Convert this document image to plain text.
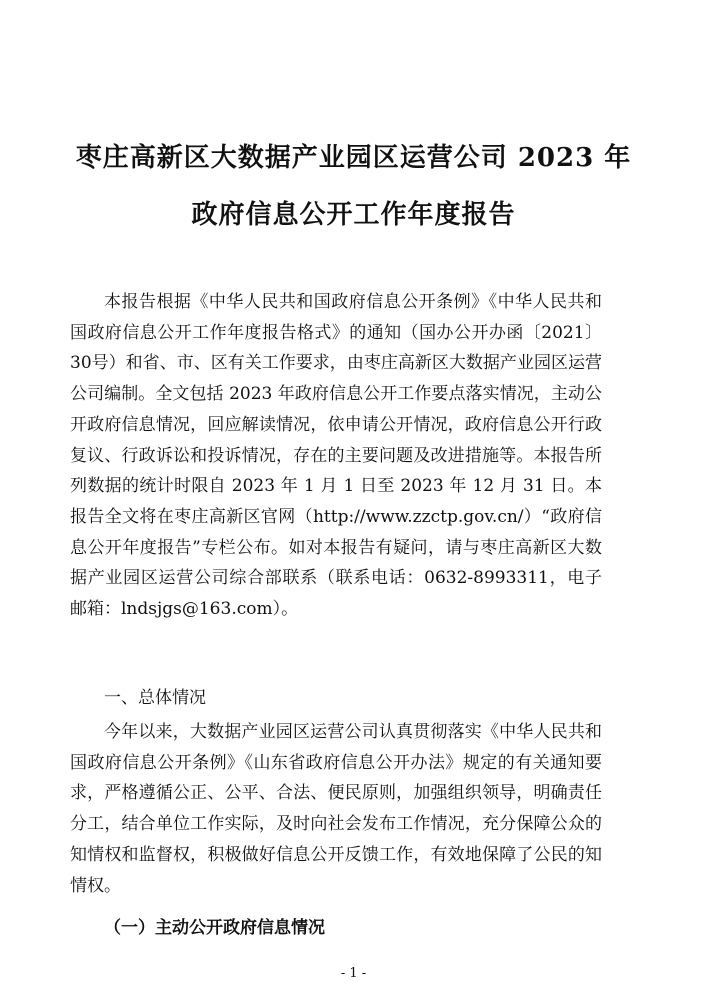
枣庄高新区大数据产业园区运营公司 2023 年
政府信息公开工作年度报告

本报告根据《中华人民共和国政府信息公开条例》《中华人民共和国政府信息公开工作年度报告格式》的通知（国办公开办函〔2021〕30号）和省、市、区有关工作要求，由枣庄高新区大数据产业园区运营公司编制。全文包括 2023 年政府信息公开工作要点落实情况，主动公开政府信息情况，回应解读情况，依申请公开情况，政府信息公开行政复议、行政诉讼和投诉情况，存在的主要问题及改进措施等。本报告所列数据的统计时限自 2023 年 1 月 1 日至 2023 年 12 月 31 日。本报告全文将在枣庄高新区官网（http://www.zzctp.gov.cn/）“政府信息公开年度报告”专栏公布。如对本报告有疑问，请与枣庄高新区大数据产业园区运营公司综合部联系（联系电话：0632-8993311，电子邮箱：lndsjgs@163.com）。

一、总体情况

今年以来，大数据产业园区运营公司认真贯彻落实《中华人民共和国政府信息公开条例》《山东省政府信息公开办法》规定的有关通知要求，严格遵循公正、公平、合法、便民原则，加强组织领导，明确责任分工，结合单位工作实际，及时向社会发布工作情况，充分保障公众的知情权和监督权，积极做好信息公开反馈工作，有效地保障了公民的知情权。

（一）主动公开政府信息情况
- 1 -
